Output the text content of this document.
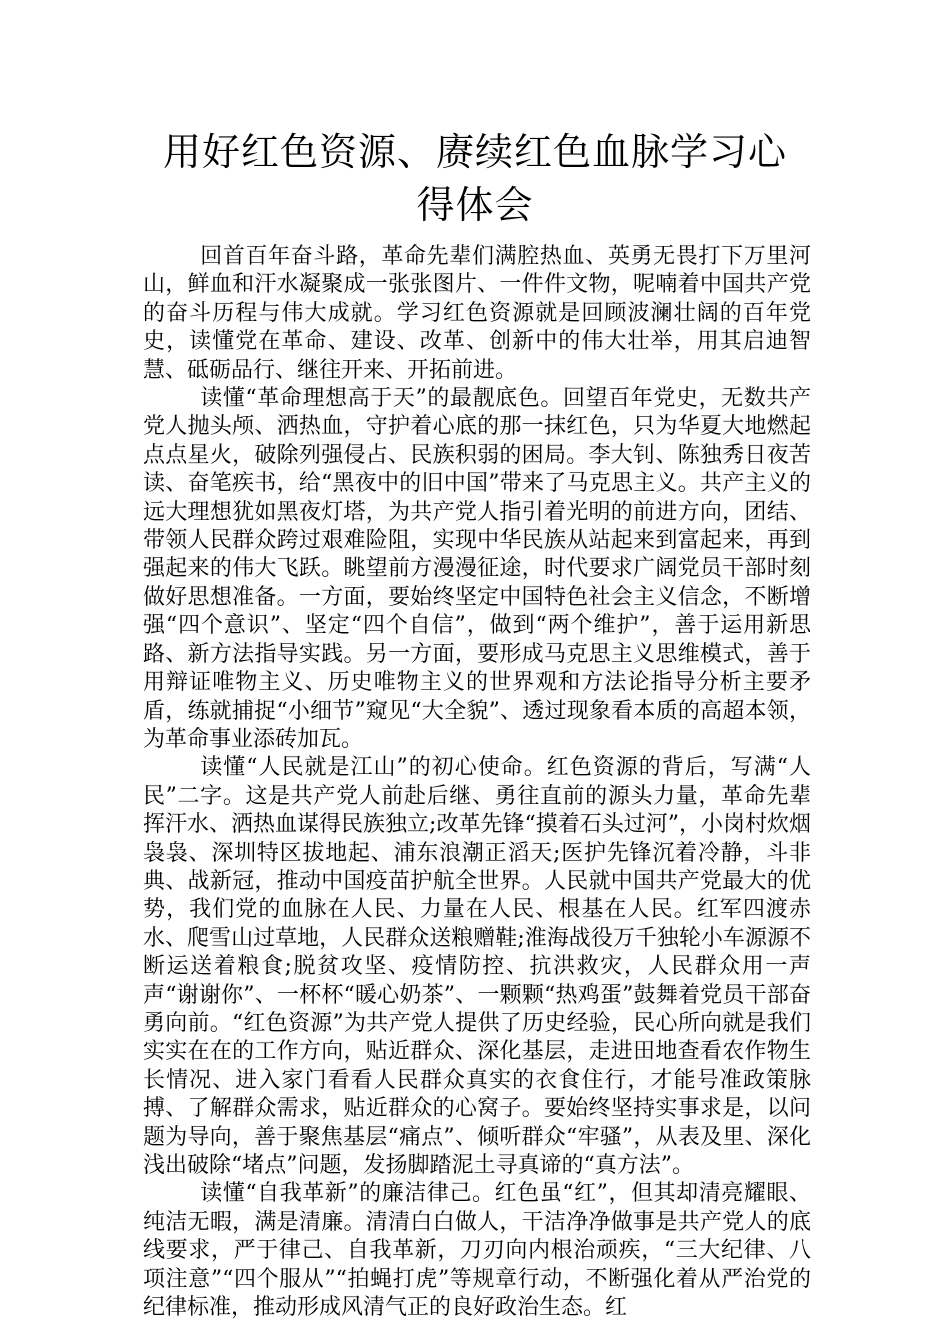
用好红色资源、赓续红色血脉学习心得体会

回首百年奋斗路，革命先辈们满腔热血、英勇无畏打下万里河山，鲜血和汗水凝聚成一张张图片、一件件文物，呢喃着中国共产党的奋斗历程与伟大成就。学习红色资源就是回顾波澜壮阔的百年党史，读懂党在革命、建设、改革、创新中的伟大壮举，用其启迪智慧、砥砺品行、继往开来、开拓前进。

读懂“革命理想高于天”的最靓底色。回望百年党史，无数共产党人抛头颅、洒热血，守护着心底的那一抹红色，只为华夏大地燃起点点星火，破除列强侵占、民族积弱的困局。李大钊、陈独秀日夜苦读、奋笔疾书，给“黑夜中的旧中国”带来了马克思主义。共产主义的远大理想犹如黑夜灯塔，为共产党人指引着光明的前进方向，团结、带领人民群众跨过艰难险阻，实现中华民族从站起来到富起来，再到强起来的伟大飞跃。眺望前方漫漫征途，时代要求广阔党员干部时刻做好思想准备。一方面，要始终坚定中国特色社会主义信念，不断增强“四个意识”、坚定“四个自信”，做到“两个维护”，善于运用新思路、新方法指导实践。另一方面，要形成马克思主义思维模式，善于用辩证唯物主义、历史唯物主义的世界观和方法论指导分析主要矛盾，练就捕捉“小细节”窥见“大全貌”、透过现象看本质的高超本领，为革命事业添砖加瓦。

读懂“人民就是江山”的初心使命。红色资源的背后，写满“人民”二字。这是共产党人前赴后继、勇往直前的源头力量，革命先辈挥汗水、洒热血谋得民族独立;改革先锋“摸着石头过河”，小岗村炊烟袅袅、深圳特区拔地起、浦东浪潮正滔天;医护先锋沉着冷静，斗非典、战新冠，推动中国疫苗护航全世界。人民就中国共产党最大的优势，我们党的血脉在人民、力量在人民、根基在人民。红军四渡赤水、爬雪山过草地，人民群众送粮赠鞋;淮海战役万千独轮小车源源不断运送着粮食;脱贫攻坚、疫情防控、抗洪救灾，人民群众用一声声“谢谢你”、一杯杯“暖心奶茶”、一颗颗“热鸡蛋”鼓舞着党员干部奋勇向前。“红色资源”为共产党人提供了历史经验，民心所向就是我们实实在在的工作方向，贴近群众、深化基层，走进田地查看农作物生长情况、进入家门看看人民群众真实的衣食住行，才能号准政策脉搏、了解群众需求，贴近群众的心窝子。要始终坚持实事求是，以问题为导向，善于聚焦基层“痛点”、倾听群众“牢骚”，从表及里、深化浅出破除“堵点”问题，发扬脚踏泥土寻真谛的“真方法”。

读懂“自我革新”的廉洁律己。红色虽“红”，但其却清亮耀眼、纯洁无暇，满是清廉。清清白白做人，干洁净净做事是共产党人的底线要求，严于律己、自我革新，刀刃向内根治顽疾，“三大纪律、八项注意”“四个服从”“拍蝇打虎”等规章行动，不断强化着从严治党的纪律标准，推动形成风清气正的良好政治生态。红
